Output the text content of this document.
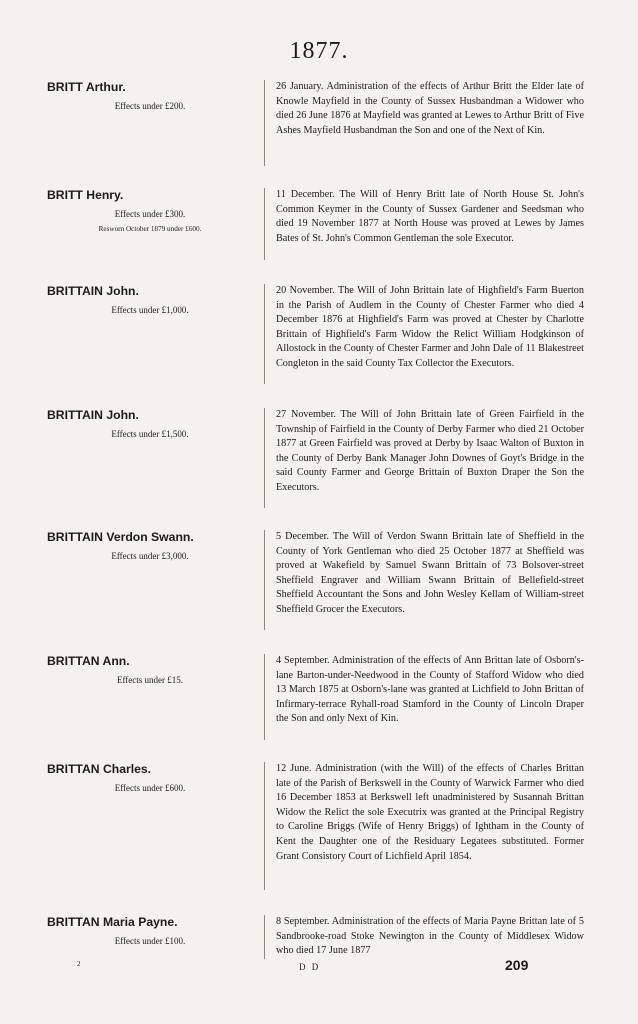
1877.
BRITT Arthur.
Effects under £200.
26 January. Administration of the effects of Arthur Britt the Elder late of Knowle Mayfield in the County of Sussex Husbandman a Widower who died 26 June 1876 at Mayfield was granted at Lewes to Arthur Britt of Five Ashes Mayfield Husbandman the Son and one of the Next of Kin.
BRITT Henry.
Effects under £300.
Resworn October 1879 under £600.
11 December. The Will of Henry Britt late of North House St. John's Common Keymer in the County of Sussex Gardener and Seedsman who died 19 November 1877 at North House was proved at Lewes by James Bates of St. John's Common Gentleman the sole Executor.
BRITTAIN John.
Effects under £1,000.
20 November. The Will of John Brittain late of Highfield's Farm Buerton in the Parish of Audlem in the County of Chester Farmer who died 4 December 1876 at Highfield's Farm was proved at Chester by Charlotte Brittain of Highfield's Farm Widow the Relict William Hodgkinson of Allostock in the County of Chester Farmer and John Dale of 11 Blakestreet Congleton in the said County Tax Collector the Executors.
BRITTAIN John.
Effects under £1,500.
27 November. The Will of John Brittain late of Green Fairfield in the Township of Fairfield in the County of Derby Farmer who died 21 October 1877 at Green Fairfield was proved at Derby by Isaac Walton of Buxton in the County of Derby Bank Manager John Downes of Goyt's Bridge in the said County Farmer and George Brittain of Buxton Draper the Son the Executors.
BRITTAIN Verdon Swann.
Effects under £3,000.
5 December. The Will of Verdon Swann Brittain late of Sheffield in the County of York Gentleman who died 25 October 1877 at Sheffield was proved at Wakefield by Samuel Swann Brittain of 73 Bolsover-street Sheffield Engraver and William Swann Brittain of Bellefield-street Sheffield Accountant the Sons and John Wesley Kellam of William-street Sheffield Grocer the Executors.
BRITTAN Ann.
Effects under £15.
4 September. Administration of the effects of Ann Brittan late of Osborn's-lane Barton-under-Needwood in the County of Stafford Widow who died 13 March 1875 at Osborn's-lane was granted at Lichfield to John Brittan of Infirmary-terrace Ryhall-road Stamford in the County of Lincoln Draper the Son and only Next of Kin.
BRITTAN Charles.
Effects under £600.
12 June. Administration (with the Will) of the effects of Charles Brittan late of the Parish of Berkswell in the County of Warwick Farmer who died 16 December 1853 at Berkswell left unadministered by Susannah Brittan Widow the Relict the sole Executrix was granted at the Principal Registry to Caroline Briggs (Wife of Henry Briggs) of Ightham in the County of Kent the Daughter one of the Residuary Legatees substituted. Former Grant Consistory Court of Lichfield April 1854.
BRITTAN Maria Payne.
Effects under £100.
8 September. Administration of the effects of Maria Payne Brittan late of 5 Sandbrooke-road Stoke Newington in the County of Middlesex Widow who died 17 June 1877
2	D D	209
